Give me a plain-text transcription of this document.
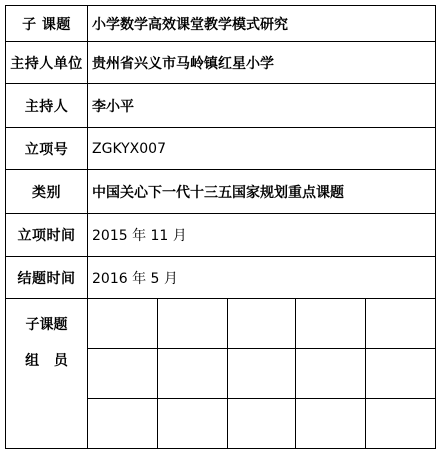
子 课题	小学数学高效课堂教学模式研究				
主持人单位	贵州省兴义市马岭镇红星小学				
主持人	李小平				
立项号	ZGKYX007				
类别	中国关心下一代十三五国家规划重点课题				
立项时间	2015 年 11 月				
结题时间	2016 年 5 月				

子课题
组 员					
